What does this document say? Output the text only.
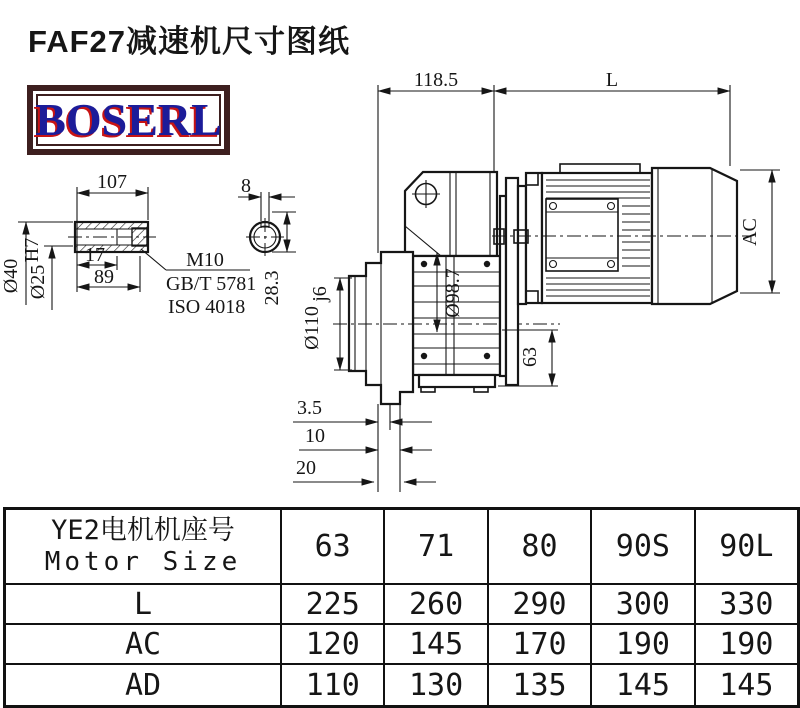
FAF27减速机尺寸图纸
BOSERL
107
17
89
Ø40 Ø25
H7	M10
GB/T 5781
ISO 4018
8
28.3
118.5	L
AC
Ø98.7
Ø110
j6
63
3.5
10
20
YE2电机机座号
Motor Size	63	71	80	90S	90L
L	225	260	290	300	330
AC	120	145	170	190	190
AD	110	130	135	145	145
